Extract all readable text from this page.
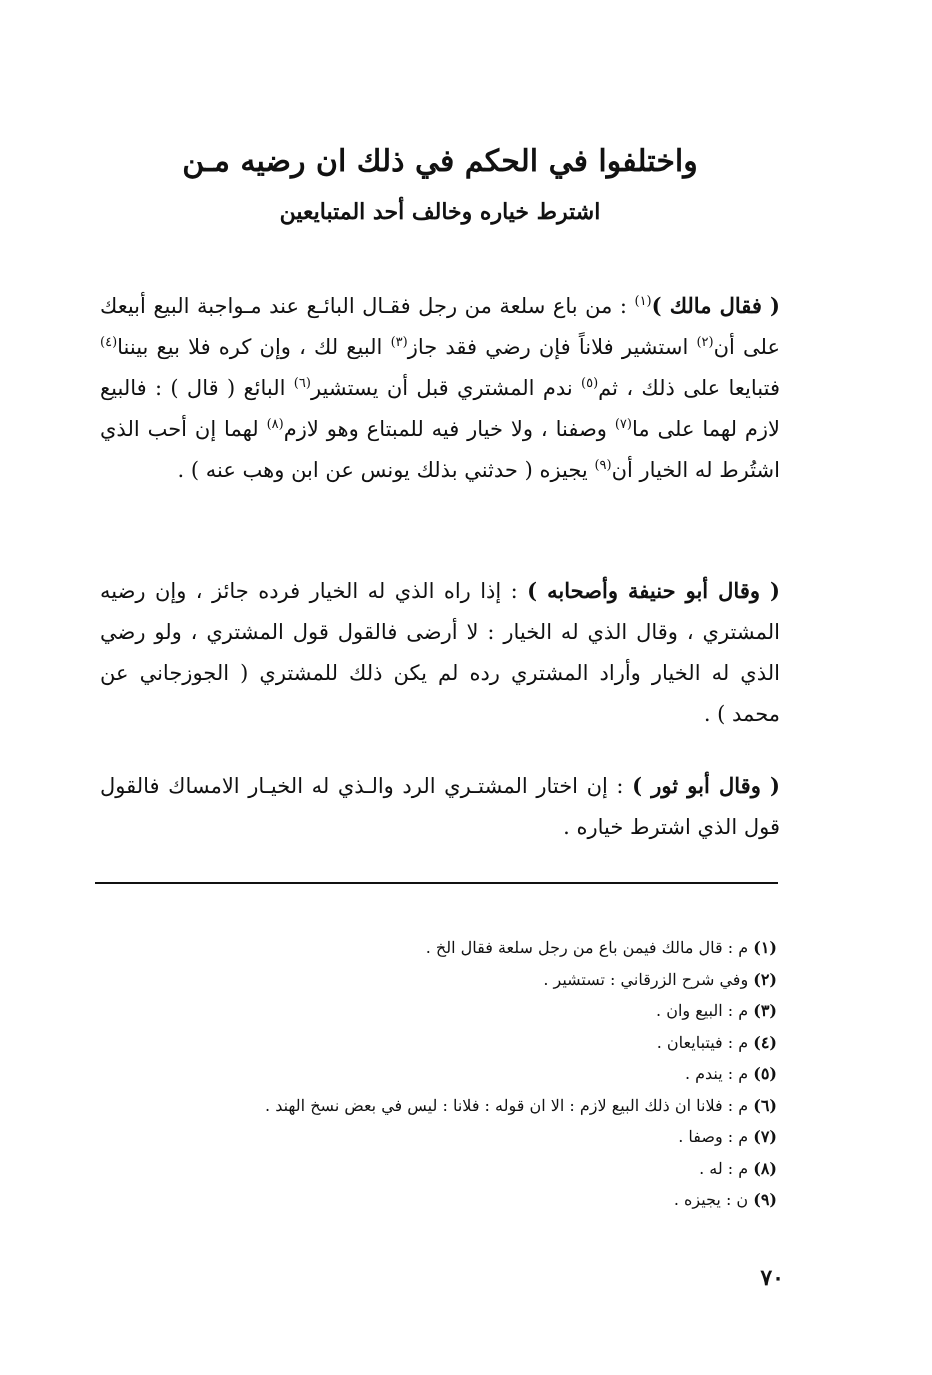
واختلفوا في الحكم في ذلك ان رضيه مـن
اشترط خياره وخالف أحد المتبايعين
( فقال مالك )$^{(١)}$ : من باع سلعة من رجل فقـال البائـع عند مـواجبة البيع أبيعك على أن$^{(٢)}$ استشير فلاناً فإن رضي فقد جاز$^{(٣)}$ البيع لك ، وإن كره فلا بيع بيننا$^{(٤)}$ فتبايعا على ذلك ، ثم$^{(٥)}$ ندم المشتري قبل أن يستشير$^{(٦)}$ البائع ( قال ) : فالبيع لازم لهما على ما$^{(٧)}$ وصفنا ، ولا خيار فيه للمبتاع وهو لازم$^{(٨)}$ لهما إن أحب الذي اشتُرط له الخيار أن$^{(٩)}$ يجيزه ( حدثني بذلك يونس عن ابن وهب عنه ) .
( وقال أبو حنيفة وأصحابه ) : إذا راه الذي له الخيار فرده جائز ، وإن رضيه المشتري ، وقال الذي له الخيار : لا أرضى فالقول قول المشتري ، ولو رضي الذي له الخيار وأراد المشتري رده لم يكن ذلك للمشتري ( الجوزجاني عن محمد ) .
( وقال أبو ثور ) : إن اختار المشتـري الرد والـذي له الخيـار الامساك فالقول قول الذي اشترط خياره .
(١) م : قال مالك فيمن باع من رجل سلعة فقال الخ .
(٢) وفي شرح الزرقاني : تستشير .
(٣) م : البيع وان .
(٤) م : فيتبايعان .
(٥) م : يندم .
(٦) م : فلانا ان ذلك البيع لازم : الا ان قوله : فلانا : ليس في بعض نسخ الهند .
(٧) م : وصفا .
(٨) م : له .
(٩) ن : يجيزه .
٧٠
